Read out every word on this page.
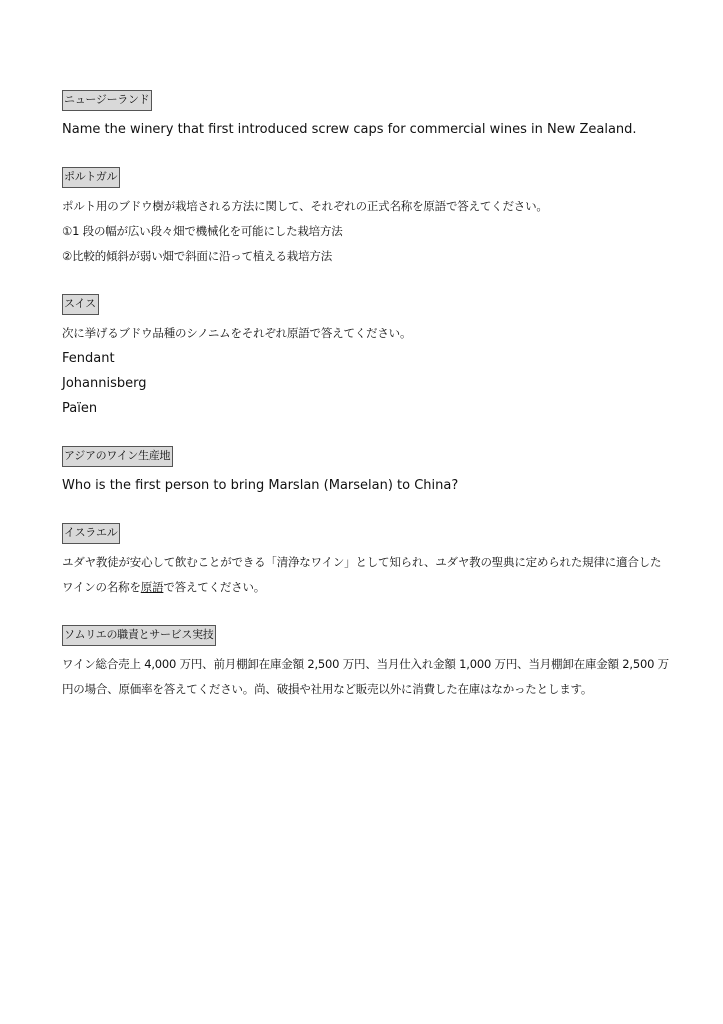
ニュージーランド
Name the winery that first introduced screw caps for commercial wines in New Zealand.
ポルトガル
ポルト用のブドウ樹が栽培される方法に関して、それぞれの正式名称を原語で答えてください。
①1 段の幅が広い段々畑で機械化を可能にした栽培方法
②比較的傾斜が弱い畑で斜面に沿って植える栽培方法
スイス
次に挙げるブドウ品種のシノニムをそれぞれ原語で答えてください。
Fendant
Johannisberg
Païen
アジアのワイン生産地
Who is the first person to bring Marslan (Marselan) to China?
イスラエル
ユダヤ教徒が安心して飲むことができる「清浄なワイン」として知られ、ユダヤ教の聖典に定められた規律に適合したワインの名称を原語で答えてください。
ソムリエの職責とサービス実技
ワイン総合売上 4,000 万円、前月棚卸在庫金額 2,500 万円、当月仕入れ金額 1,000 万円、当月棚卸在庫金額 2,500 万円の場合、原価率を答えてください。尚、破損や社用など販売以外に消費した在庫はなかったとします。
